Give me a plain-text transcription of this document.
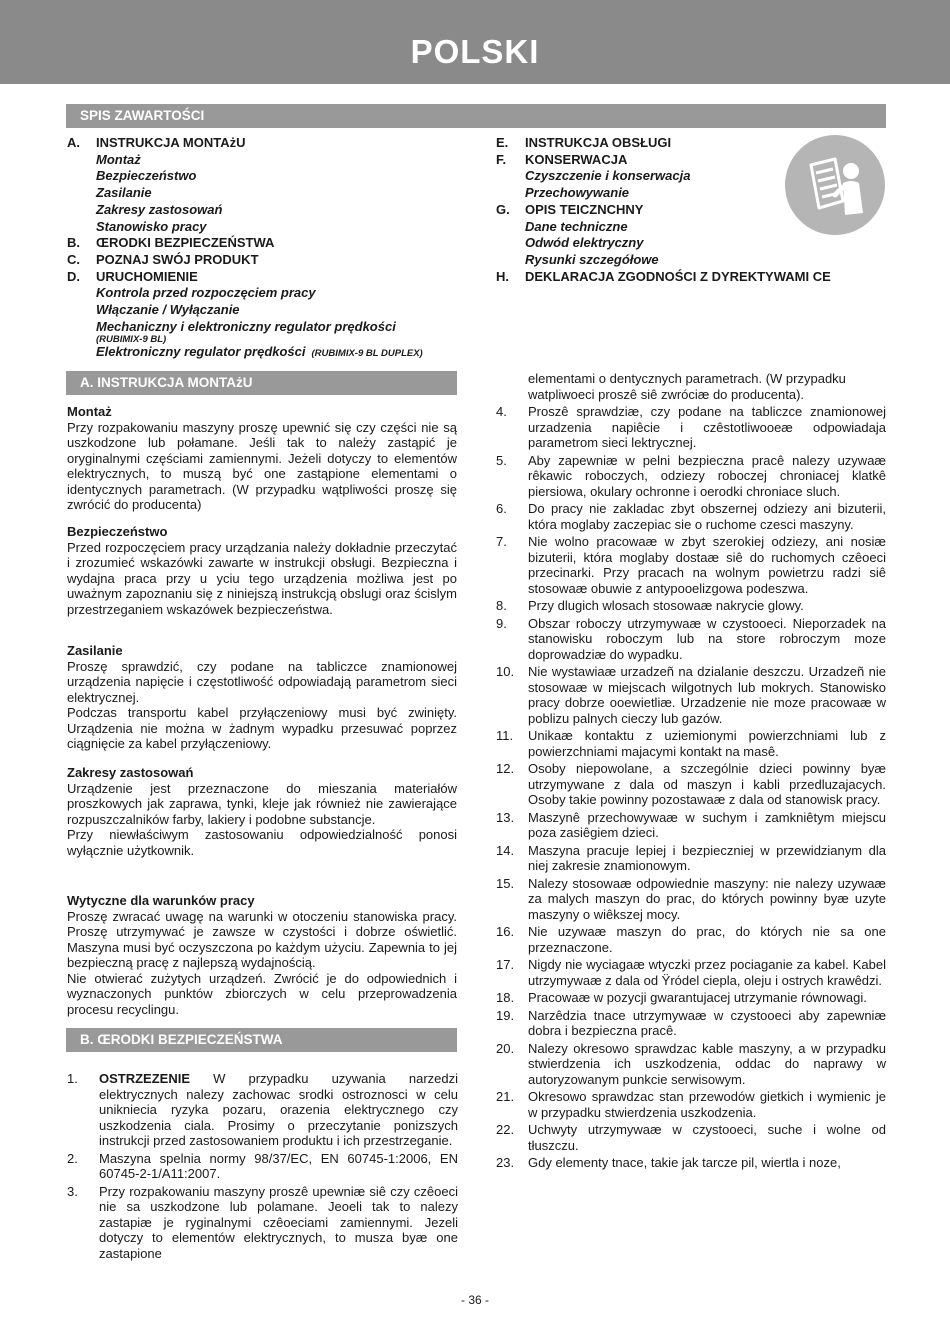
POLSKI
SPIS ZAWARTOŚCI
A.	INSTRUKCJA MONTAżU
Montaż
Bezpieczeństwo
Zasilanie
Zakresy zastosowań
Stanowisko pracy
B.	ŒRODKI BEZPIECZEŃSTWA
C.	POZNAJ SWÓJ PRODUKT
D.	URUCHOMIENIE
Kontrola przed rozpoczęciem pracy
Włączanie / Wyłączanie
Mechaniczny i elektroniczny regulator prędkości
(RUBIMIX-9 BL)
Elektroniczny regulator prędkości (RUBIMIX-9 BL DUPLEX)
E.	INSTRUKCJA OBSŁUGI
F.	KONSERWACJA
Czyszczenie i konserwacja
Przechowywanie
G.	OPIS TEICZNCHNY
Dane techniczne
Odwód elektryczny
Rysunki szczegółowe
H.	DEKLARACJA ZGODNOŚCI Z DYREKTYWAMI CE
A. INSTRUKCJA MONTAżU
Montaż

Przy rozpakowaniu maszyny proszę upewnić się czy części nie są uszkodzone lub połamane. Jeśli tak to należy zastąpić je oryginalnymi częściami zamiennymi. Jeżeli dotyczy to elementów elektrycznych, to muszą być one zastąpione elementami o identycznych parametrach. (W przypadku wątpliwości proszę się zwrócić do producenta)

Bezpieczeństwo

Przed rozpoczęciem pracy urządzania należy dokładnie przeczytać i zrozumieć wskazówki zawarte w instrukcji obsługi. Bezpieczna i wydajna praca przy u yciu tego urządzenia możliwa jest po uważnym zapoznaniu się z niniejszą instrukcją obslugi oraz ścislym przestrzeganiem wskazówek bezpieczeństwa.

Zasilanie

Proszę sprawdzić, czy podane na tabliczce znamionowej urządzenia napięcie i częstotliwość odpowiadają parametrom sieci elektrycznej.

Podczas transportu kabel przyłączeniowy musi być zwinięty. Urządzenia nie można w żadnym wypadku przesuwać poprzez ciągnięcie za kabel przyłączeniowy.

Zakresy zastosowań

Urządzenie jest przeznaczone do mieszania materiałów proszkowych jak zaprawa, tynki, kleje jak również nie zawierające rozpuszczalników farby, lakiery i podobne substancje.

Przy niewłaściwym zastosowaniu odpowiedzialność ponosi wyłącznie użytkownik.

Wytyczne dla warunków pracy

Proszę zwracać uwagę na warunki w otoczeniu stanowiska pracy. Proszę utrzymywać je zawsze w czystości i dobrze oświetlić. Maszyna musi być oczyszczona po każdym użyciu. Zapewnia to jej bezpieczną pracę z najlepszą wydajnością.

Nie otwierać zużytych urządzeń. Zwrócić je do odpowiednich i wyznaczonych punktów zbiorczych w celu przeprowadzenia procesu recyclingu.

B. ŒRODKI BEZPIECZEŃSTWA
1. OSTRZEZENIE W przypadku uzywania narzedzi elektrycznych nalezy zachowac srodki ostroznosci w celu unikniecia ryzyka pozaru, orazenia elektrycznego czy uszkodzenia ciala. Prosimy o przeczytanie ponizszych instrukcji przed zastosowaniem produktu i ich przestrzeganie.
2. Maszyna spelnia normy 98/37/EC, EN 60745-1:2006, EN 60745-2-1/A11:2007.
3. Przy rozpakowaniu maszyny proszê upewniæ siê czy czêoeci nie sa uszkodzone lub polamane. Jeoeli tak to nalezy zastapiæ je ryginalnymi czêoeciami zamiennymi. Jezeli dotyczy to elementów elektrycznych, to musza byæ one zastapione
elementami o dentycznych parametrach. (W przypadku watpliwoeci proszê siê zwróciæ do producenta).
4. Proszê sprawdziæ, czy podane na tabliczce znamionowej urzadzenia napiêcie i czêstotliwooeæ odpowiadaja parametrom sieci lektrycznej.
5. Aby zapewniæ w pelni bezpieczna pracê nalezy uzywaæ rêkawic roboczych, odziezy roboczej chroniacej klatkê piersiowa, okulary ochronne i oerodki chroniace sluch.
6. Do pracy nie zakladac zbyt obszernej odziezy ani bizuterii, która moglaby zaczepiac sie o ruchome czesci maszyny.
7. Nie wolno pracowaæ w zbyt szerokiej odziezy, ani nosiæ bizuterii, która moglaby dostaæ siê do ruchomych czêoeci przecinarki. Przy pracach na wolnym powietrzu radzi siê stosowaæ obuwie z antypooelizgowa podeszwa.
8. Przy dlugich wlosach stosowaæ nakrycie glowy.
9. Obszar roboczy utrzymywaæ w czystooeci. Nieporzadek na stanowisku roboczym lub na store robroczym moze doprowadziæ do wypadku.
10. Nie wystawiaæ urzadzeñ na dzialanie deszczu. Urzadzeñ nie stosowaæ w miejscach wilgotnych lub mokrych. Stanowisko pracy dobrze ooewietliæ. Urzadzenie nie moze pracowaæ w poblizu palnych cieczy lub gazów.
11. Unikaæ kontaktu z uziemionymi powierzchniami lub z powierzchniami majacymi kontakt na masê.
12. Osoby niepowolane, a szczególnie dzieci powinny byæ utrzymywane z dala od maszyn i kabli przedluzajacych. Osoby takie powinny pozostawaæ z dala od stanowisk pracy.
13. Maszynê przechowywaæ w suchym i zamkniêtym miejscu poza zasiêgiem dzieci.
14. Maszyna pracuje lepiej i bezpieczniej w przewidzianym dla niej zakresie znamionowym.
15. Nalezy stosowaæ odpowiednie maszyny: nie nalezy uzywaæ za malych maszyn do prac, do których powinny byæ uzyte maszyny o wiêkszej mocy.
16. Nie uzywaæ maszyn do prac, do których nie sa one przeznaczone.
17. Nigdy nie wyciagaæ wtyczki przez pociaganie za kabel. Kabel utrzymywaæ z dala od Ÿródel ciepla, oleju i ostrych krawêdzi.
18. Pracowaæ w pozycji gwarantujacej utrzymanie równowagi.
19. Narzêdzia tnace utrzymywaæ w czystooeci aby zapewniæ dobra i bezpieczna pracê.
20. Nalezy okresowo sprawdzac kable maszyny, a w przypadku stwierdzenia ich uszkodzenia, oddac do naprawy w autoryzowanym punkcie serwisowym.
21. Okresowo sprawdzac stan przewodów gietkich i wymienic je w przypadku stwierdzenia uszkodzenia.
22. Uchwyty utrzymywaæ w czystooeci, suche i wolne od tłuszczu.
23. Gdy elementy tnace, takie jak tarcze pil, wiertla i noze,
- 36 -
